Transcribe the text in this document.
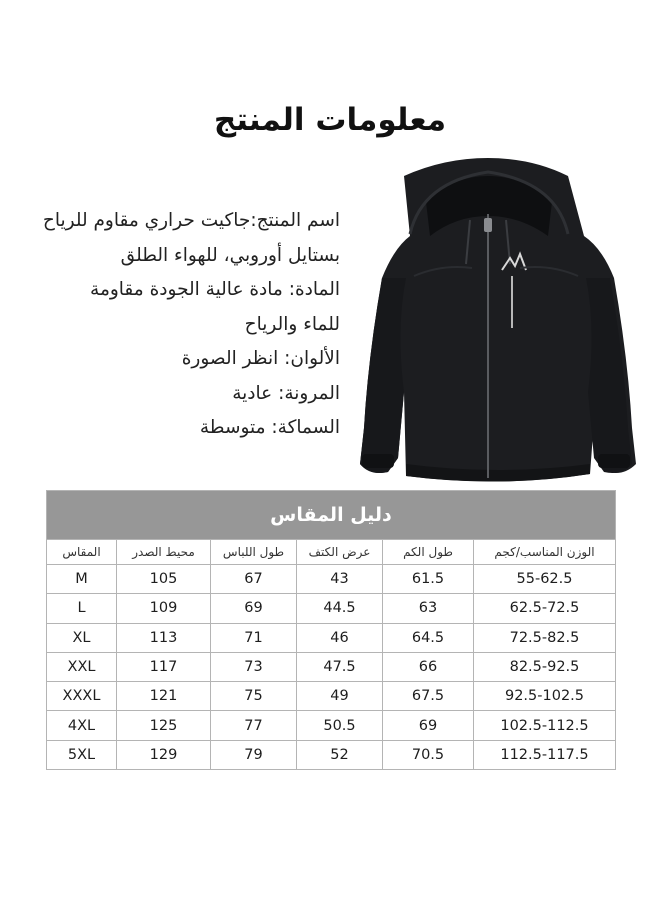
معلومات المنتج
اسم المنتج:جاكيت حراري مقاوم للرياح
بستايل أوروبي، للهواء الطلق
المادة: مادة عالية الجودة مقاومة
للماء والرياح
الألوان: انظر الصورة
المرونة: عادية
السماكة: متوسطة
دليل المقاس
الوزن المناسب/كجم
طول الكم
عرض الكتف
طول اللباس
محيط الصدر
المقاس
55-62.5
61.5
43
67
105
M
62.5-72.5
63
44.5
69
109
L
72.5-82.5
64.5
46
71
113
XL
82.5-92.5
66
47.5
73
117
XXL
92.5-102.5
67.5
49
75
121
XXXL
102.5-112.5
69
50.5
77
125
4XL
112.5-117.5
70.5
52
79
129
5XL
